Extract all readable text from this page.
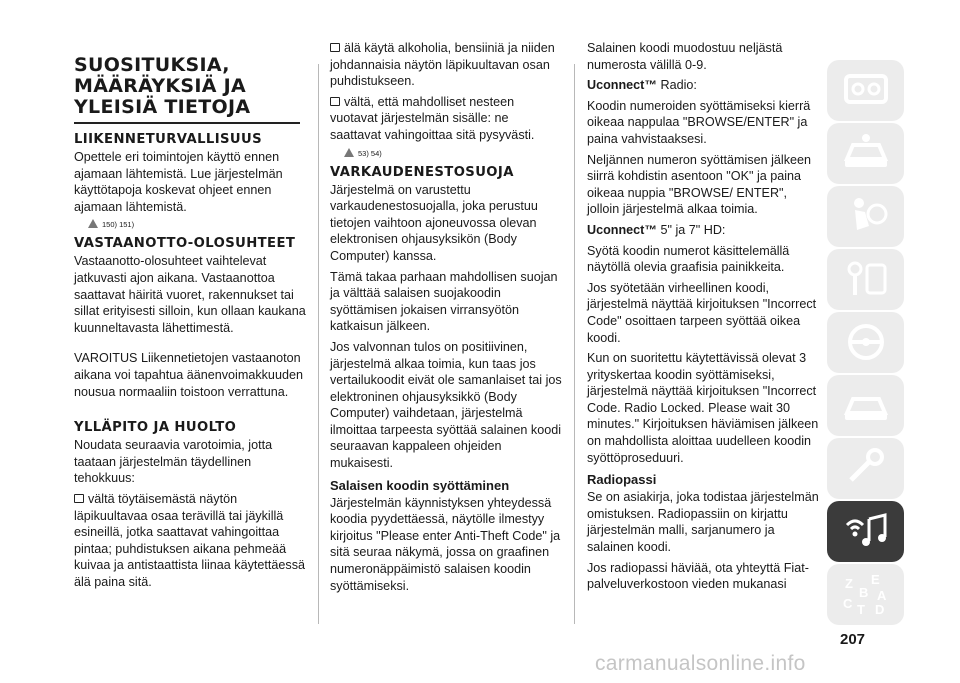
SUOSITUKSIA, MÄÄRÄYKSIÄ JA YLEISIÄ TIETOJA
LIIKENNETURVALLISUUS

Opettele eri toimintojen käyttö ennen ajamaan lähtemistä. Lue järjestelmän käyttötapoja koskevat ohjeet ennen ajamaan lähtemistä.

150) 151)
VASTAANOTTO-OLOSUHTEET

Vastaanotto-olosuhteet vaihtelevat jatkuvasti ajon aikana. Vastaanottoa saattavat häiritä vuoret, rakennukset tai sillat erityisesti silloin, kun ollaan kaukana kuunneltavasta lähettimestä.

VAROITUS Liikennetietojen vastaanoton aikana voi tapahtua äänenvoimakkuuden nousua normaaliin toistoon verrattuna.

YLLÄPITO JA HUOLTO

Noudata seuraavia varotoimia, jotta taataan järjestelmän täydellinen tehokkuus:

vältä töytäisemästä näytön läpikuultavaa osaa terävillä tai jäykillä esineillä, jotka saattavat vahingoittaa pintaa; puhdistuksen aikana pehmeää kuivaa ja antistaattista liinaa käytettäessä älä paina sitä.

älä käytä alkoholia, bensiiniä ja niiden johdannaisia näytön läpikuultavan osan puhdistukseen.

vältä, että mahdolliset nesteen vuotavat järjestelmän sisälle: ne saattavat vahingoittaa sitä pysyvästi.

53) 54)
VARKAUDENESTOSUOJA

Järjestelmä on varustettu varkaudenestosuojalla, joka perustuu tietojen vaihtoon ajoneuvossa olevan elektronisen ohjausyksikön (Body Computer) kanssa.

Tämä takaa parhaan mahdollisen suojan ja välttää salaisen suojakoodin syöttämisen jokaisen virransyötön katkaisun jälkeen.

Jos valvonnan tulos on positiivinen, järjestelmä alkaa toimia, kun taas jos vertailukoodit eivät ole samanlaiset tai jos elektroninen ohjausyksikkö (Body Computer) vaihdetaan, järjestelmä ilmoittaa tarpeesta syöttää salainen koodi seuraavan kappaleen ohjeiden mukaisesti.

Salaisen koodin syöttäminen

Järjestelmän käynnistyksen yhteydessä koodia pyydettäessä, näytölle ilmestyy kirjoitus "Please enter Anti-Theft Code" ja sitä seuraa näkymä, jossa on graafinen numeronäppäimistö salaisen koodin syöttämiseksi.

Salainen koodi muodostuu neljästä numerosta välillä 0-9.

Uconnect™ Radio:

Koodin numeroiden syöttämiseksi kierrä oikeaa nappulaa "BROWSE/ENTER" ja paina vahvistaaksesi.

Neljännen numeron syöttämisen jälkeen siirrä kohdistin asentoon "OK" ja paina oikeaa nuppia "BROWSE/ ENTER", jolloin järjestelmä alkaa toimia.

Uconnect™ 5" ja 7" HD:

Syötä koodin numerot käsittelemällä näytöllä olevia graafisia painikkeita.

Jos syötetään virheellinen koodi, järjestelmä näyttää kirjoituksen "Incorrect Code" osoittaen tarpeen syöttää oikea koodi.

Kun on suoritettu käytettävissä olevat 3 yrityskertaa koodin syöttämiseksi, järjestelmä näyttää kirjoituksen "Incorrect Code. Radio Locked. Please wait 30 minutes." Kirjoituksen häviämisen jälkeen on mahdollista aloittaa uudelleen koodin syöttöproseduuri.

Radiopassi

Se on asiakirja, joka todistaa järjestelmän omistuksen. Radiopassiin on kirjattu järjestelmän malli, sarjanumero ja salainen koodi.

Jos radiopassi häviää, ota yhteyttä Fiat-palveluverkostoon vieden mukanasi	Z E
B A
C T D
207
carmanualsonline.info
